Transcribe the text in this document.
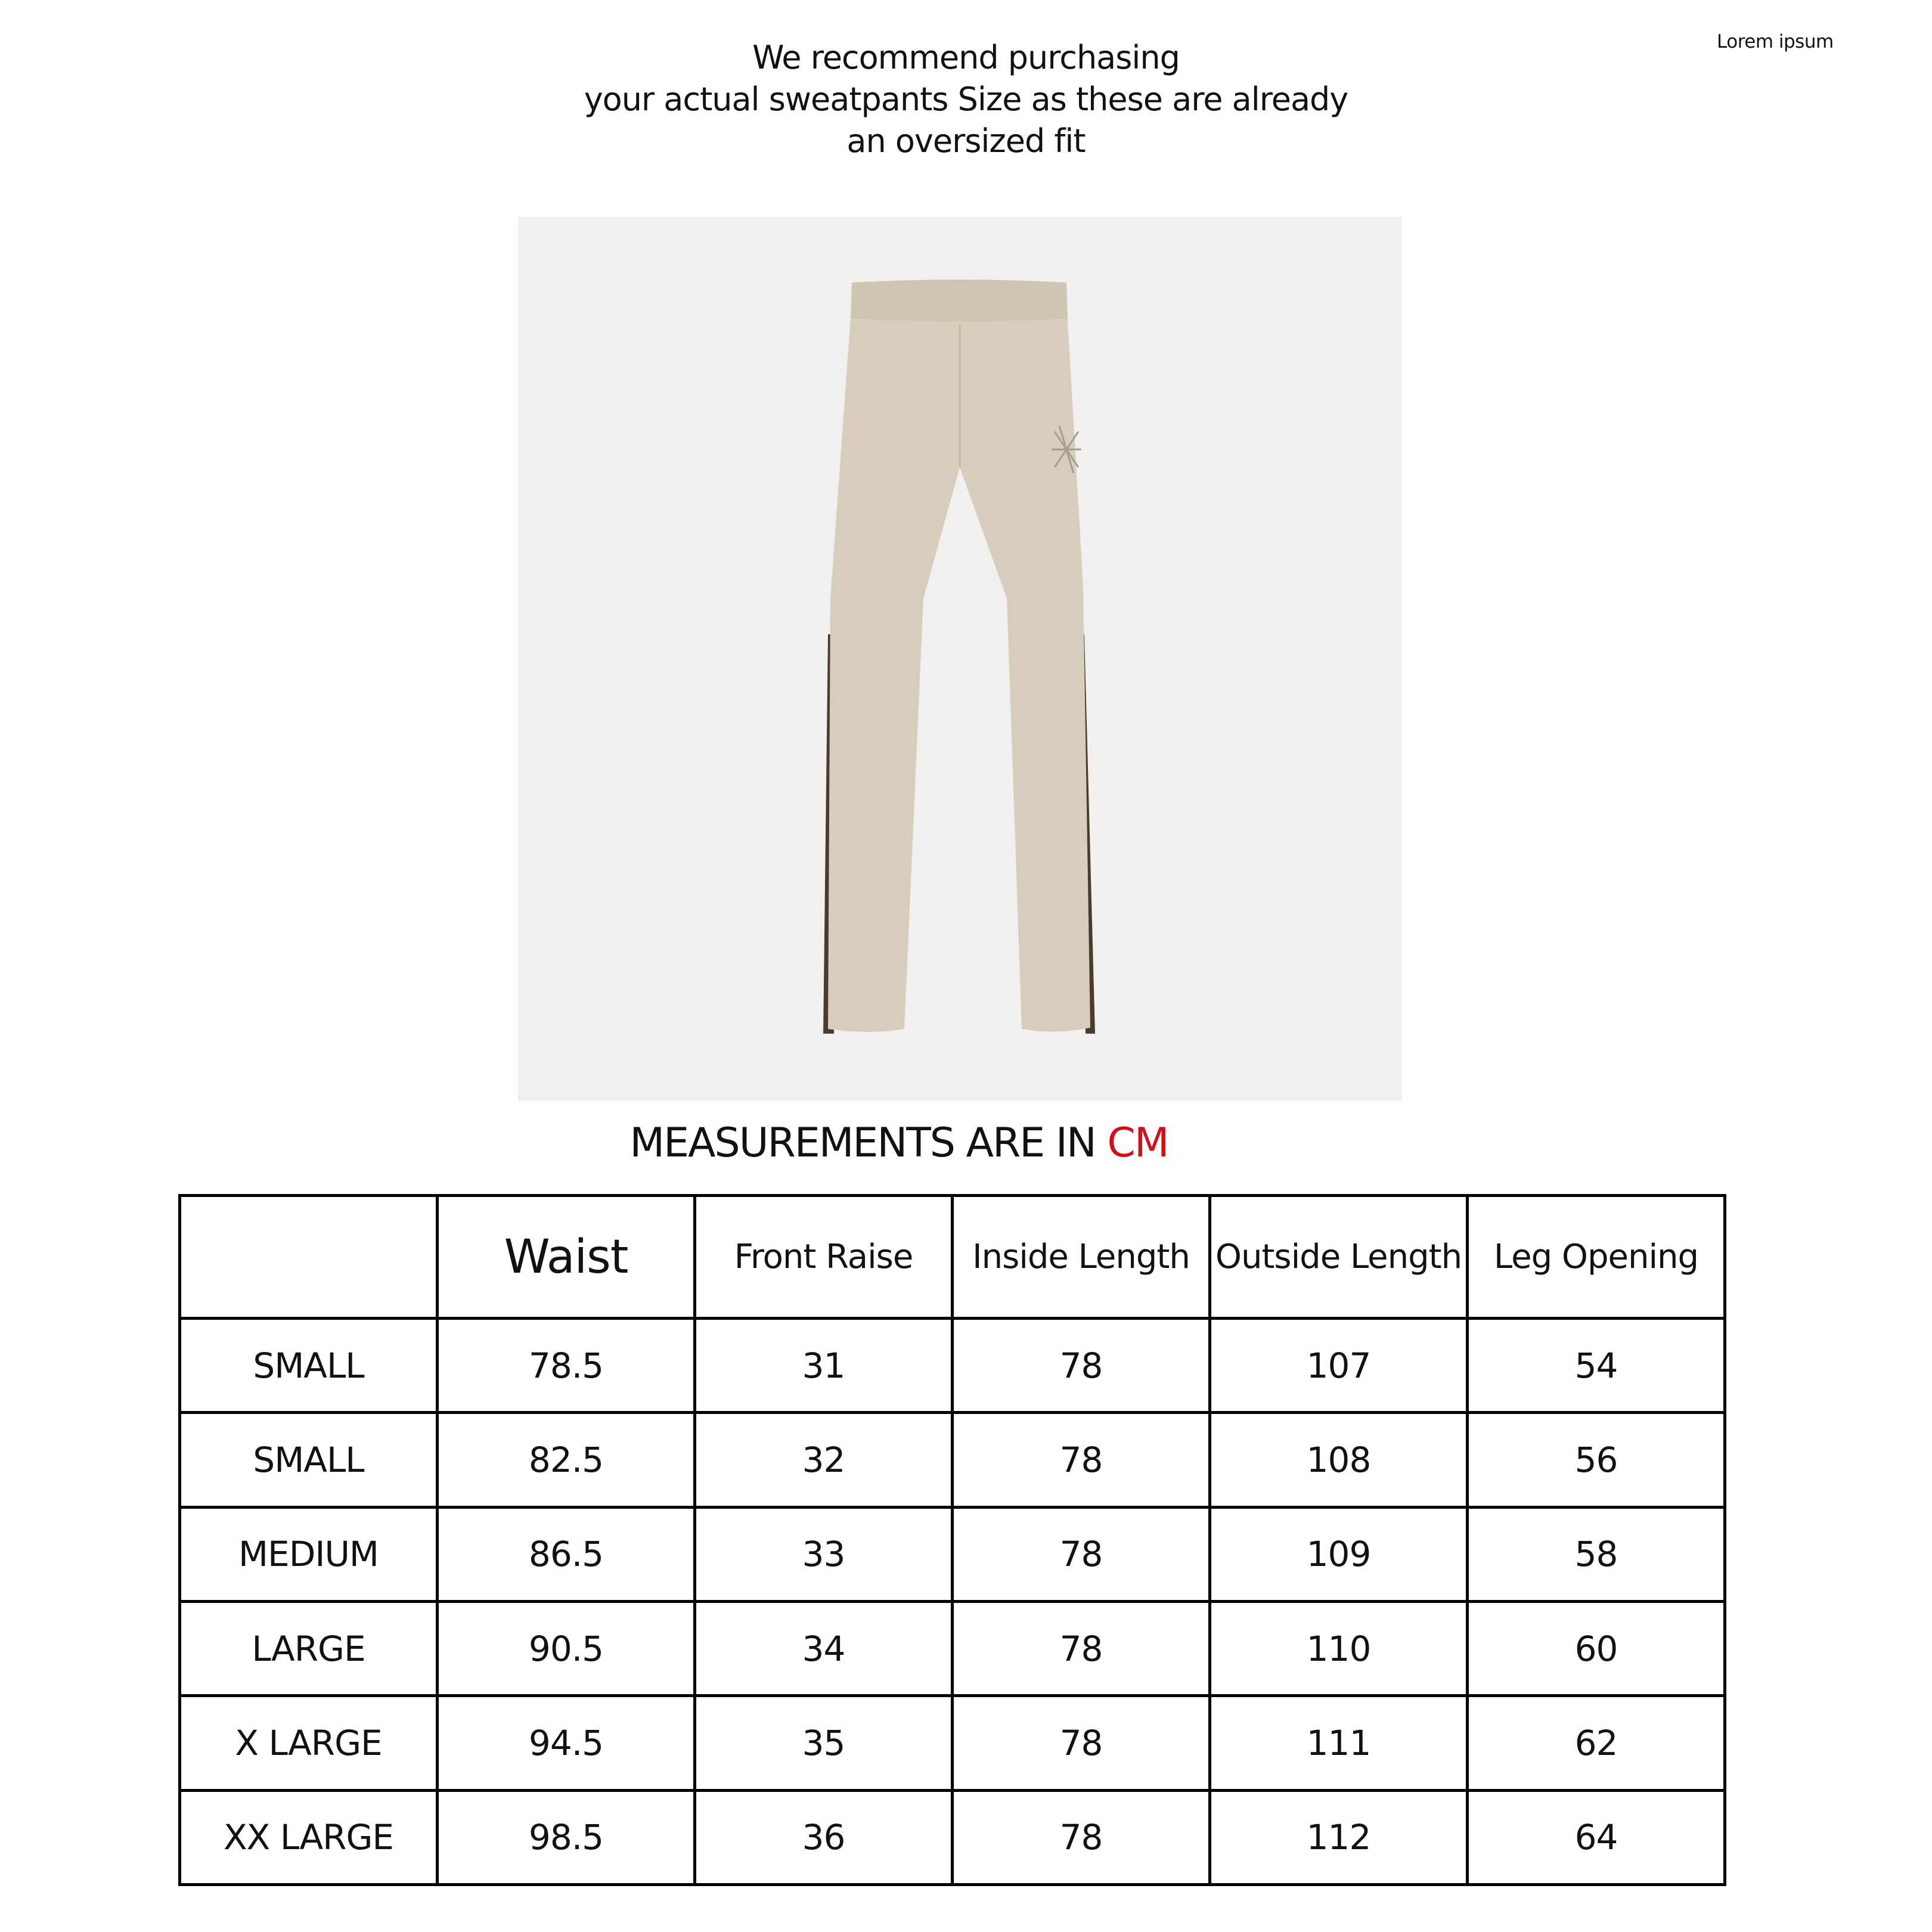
We recommend purchasing
your actual sweatpants Size as these are already
an oversized fit
Lorem ipsum
MEASUREMENTS ARE IN CM
	Waist	Front Raise	Inside Length	Outside Length	Leg Opening
SMALL	78.5	31	78	107	54
SMALL	82.5	32	78	108	56
MEDIUM	86.5	33	78	109	58
LARGE	90.5	34	78	110	60
X LARGE	94.5	35	78	111	62
XX LARGE	98.5	36	78	112	64
